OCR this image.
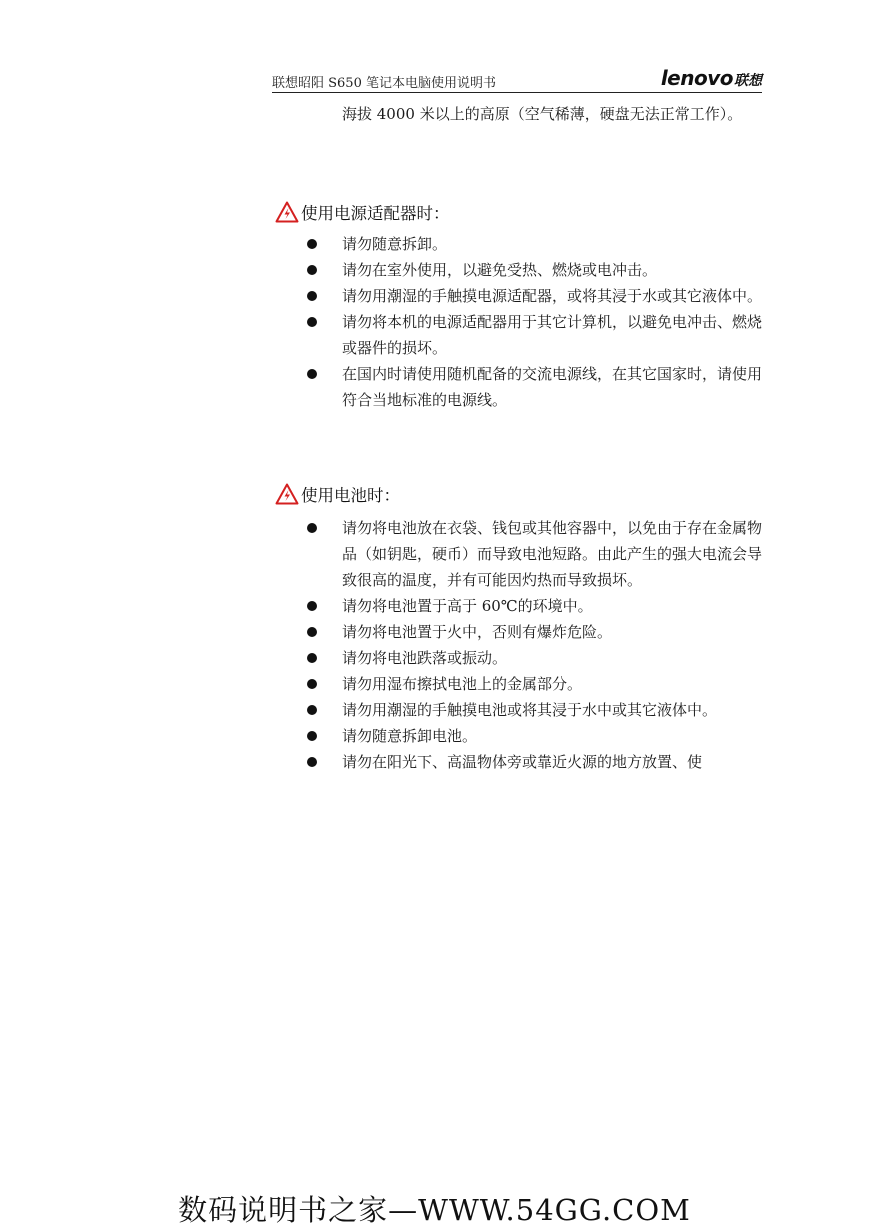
联想昭阳 S650 笔记本电脑使用说明书	lenovo 联想

海拔 4000 米以上的高原（空气稀薄，硬盘无法正常工作）。

使用电源适配器时：
请勿随意拆卸。
请勿在室外使用，以避免受热、燃烧或电冲击。
请勿用潮湿的手触摸电源适配器，或将其浸于水或其它液体中。
请勿将本机的电源适配器用于其它计算机，以避免电冲击、燃烧或器件的损坏。
在国内时请使用随机配备的交流电源线，在其它国家时，请使用符合当地标准的电源线。
使用电池时：
请勿将电池放在衣袋、钱包或其他容器中，以免由于存在金属物品（如钥匙，硬币）而导致电池短路。由此产生的强大电流会导致很高的温度，并有可能因灼热而导致损坏。
请勿将电池置于高于 60℃的环境中。
请勿将电池置于火中，否则有爆炸危险。
请勿将电池跌落或振动。
请勿用湿布擦拭电池上的金属部分。
请勿用潮湿的手触摸电池或将其浸于水中或其它液体中。
请勿随意拆卸电池。
请勿在阳光下、高温物体旁或靠近火源的地方放置、使
数码说明书之家—WWW.54GG.COM
